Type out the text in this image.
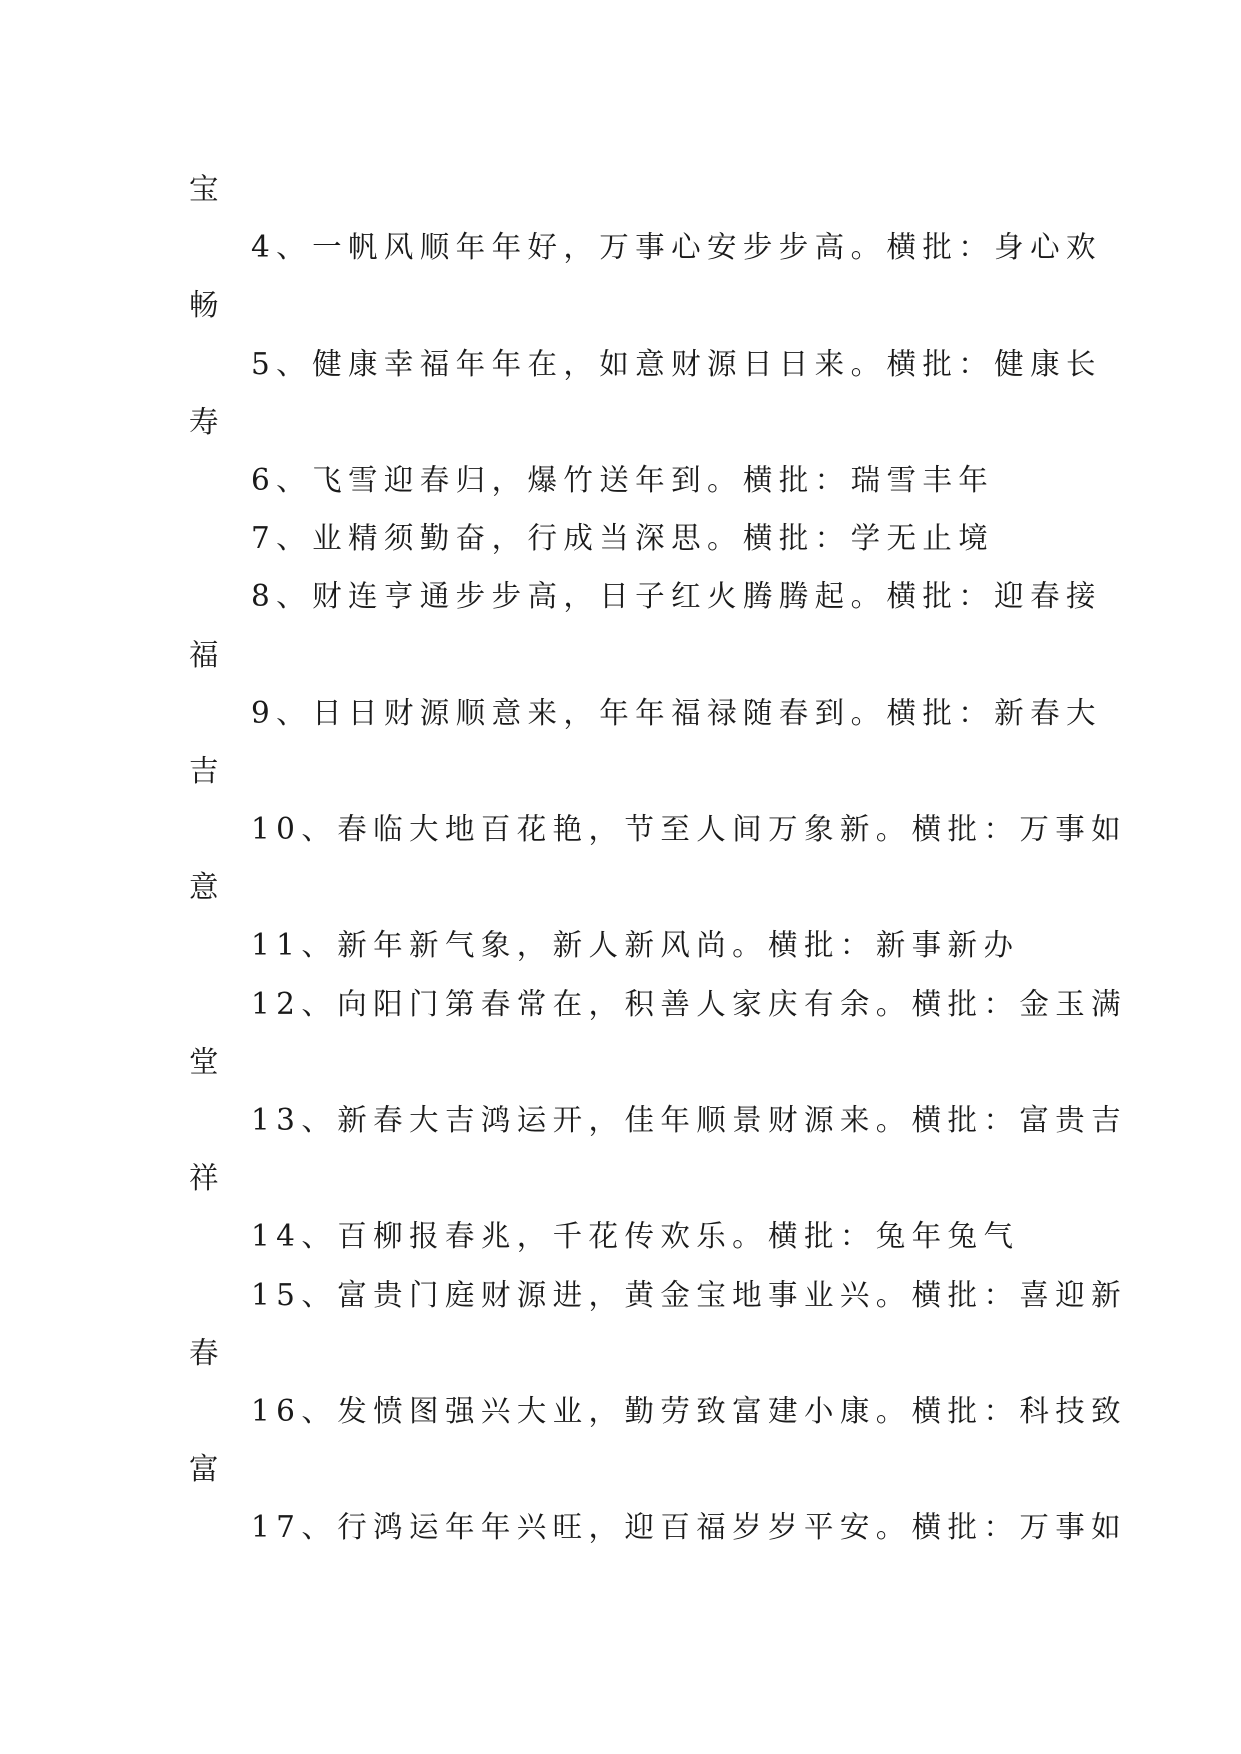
宝

4、一帆风顺年年好，万事心安步步高。横批：身心欢

畅

5、健康幸福年年在，如意财源日日来。横批：健康长

寿

6、飞雪迎春归，爆竹送年到。横批：瑞雪丰年

7、业精须勤奋，行成当深思。横批：学无止境

8、财连亨通步步高，日子红火腾腾起。横批：迎春接

福

9、日日财源顺意来，年年福禄随春到。横批：新春大

吉

10、春临大地百花艳，节至人间万象新。横批：万事如

意

11、新年新气象，新人新风尚。横批：新事新办

12、向阳门第春常在，积善人家庆有余。横批：金玉满

堂

13、新春大吉鸿运开，佳年顺景财源来。横批：富贵吉

祥

14、百柳报春兆，千花传欢乐。横批：兔年兔气

15、富贵门庭财源进，黄金宝地事业兴。横批：喜迎新

春

16、发愤图强兴大业，勤劳致富建小康。横批：科技致

富

17、行鸿运年年兴旺，迎百福岁岁平安。横批：万事如
